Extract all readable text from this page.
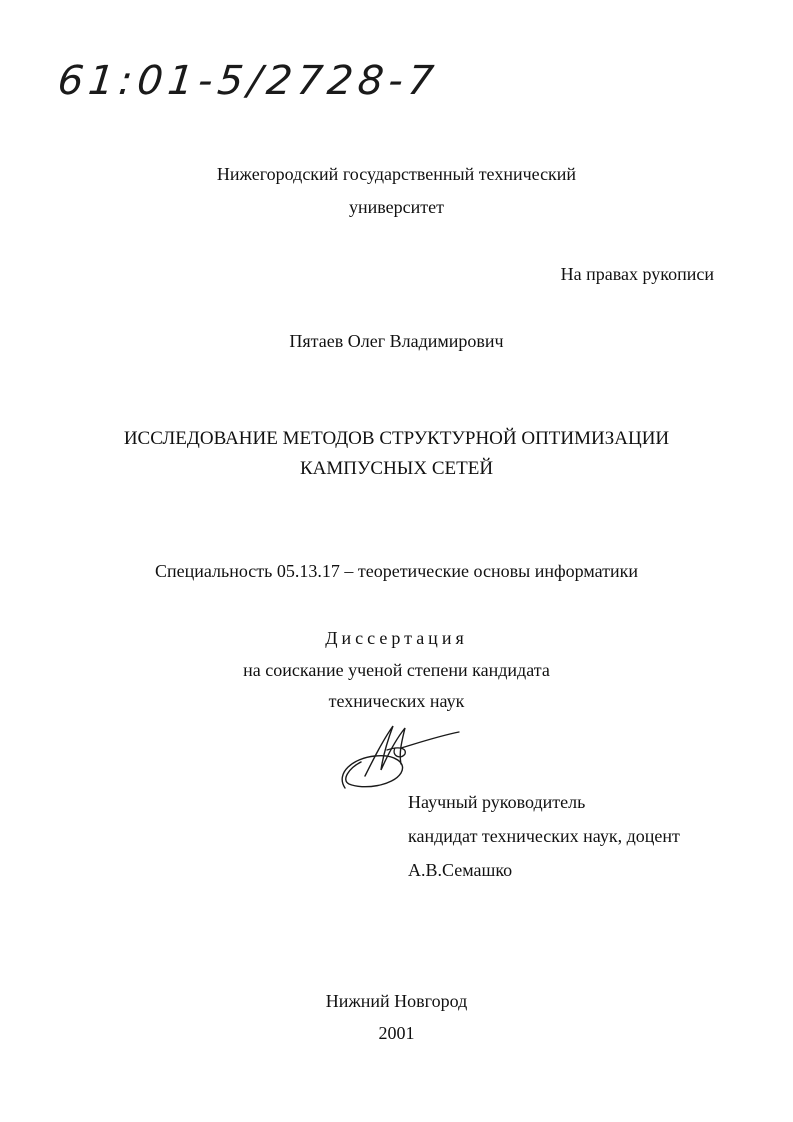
61:01-5/2728-7
Нижегородский государственный технический
университет
На правах рукописи
Пятаев Олег Владимирович
ИССЛЕДОВАНИЕ МЕТОДОВ СТРУКТУРНОЙ ОПТИМИЗАЦИИ
КАМПУСНЫХ СЕТЕЙ
Специальность 05.13.17 – теоретические основы информатики
Диссертация
на соискание ученой степени кандидата
технических наук
Научный руководитель
кандидат технических наук, доцент
А.В.Семашко
Нижний Новгород
2001
